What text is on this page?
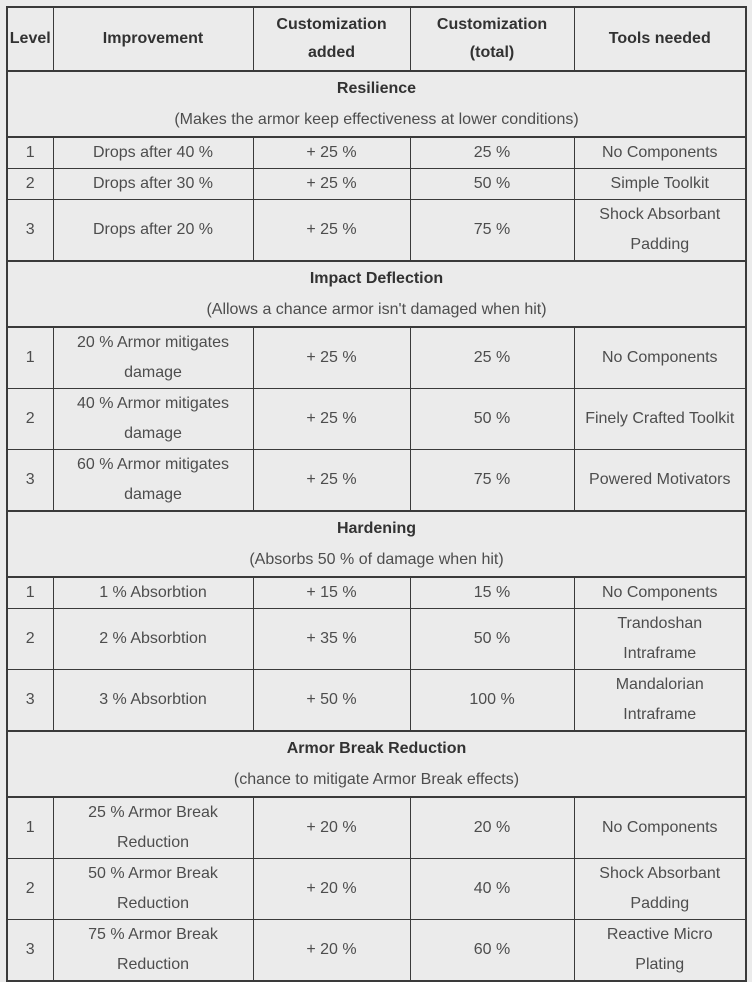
Level	Improvement	Customization added	Customization (total)	Tools needed

Resilience
(Makes the armor keep effectiveness at lower conditions)				

1	Drops after 40 %	+ 25 %	25 %	No Components
2	Drops after 30 %	+ 25 %	50 %	Simple Toolkit
3	Drops after 20 %	+ 25 %	75 %	Shock Absorbant Padding

Impact Deflection
(Allows a chance armor isn't damaged when hit)				

1	20 % Armor mitigates damage	+ 25 %	25 %	No Components
2	40 % Armor mitigates damage	+ 25 %	50 %	Finely Crafted Toolkit
3	60 % Armor mitigates damage	+ 25 %	75 %	Powered Motivators

Hardening
(Absorbs 50 % of damage when hit)				

1	1 % Absorbtion	+ 15 %	15 %	No Components
2	2 % Absorbtion	+ 35 %	50 %	Trandoshan Intraframe
3	3 % Absorbtion	+ 50 %	100 %	Mandalorian Intraframe

Armor Break Reduction
(chance to mitigate Armor Break effects)				

1	25 % Armor Break Reduction	+ 20 %	20 %	No Components
2	50 % Armor Break Reduction	+ 20 %	40 %	Shock Absorbant Padding
3	75 % Armor Break Reduction	+ 20 %	60 %	Reactive Micro Plating
